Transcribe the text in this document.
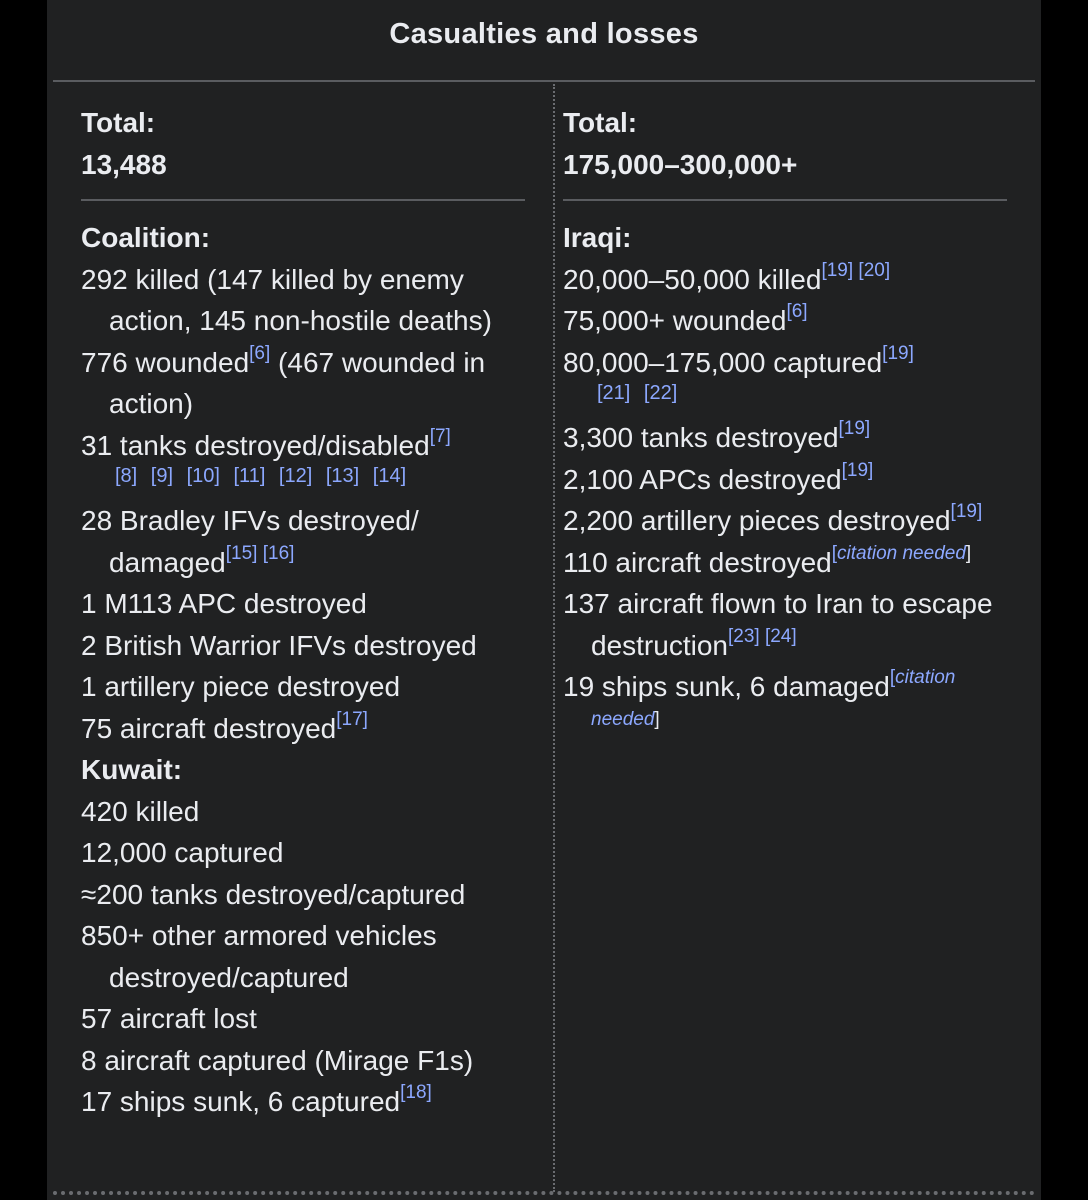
Casualties and losses
Total:
13,488
Coalition:
292 killed (147 killed by enemy action, 145 non-hostile deaths)
776 wounded[6] (467 wounded in action)
31 tanks destroyed/disabled[7]
[8] [9] [10] [11] [12] [13] [14]
28 Bradley IFVs destroyed/ damaged[15] [16]
1 M113 APC destroyed
2 British Warrior IFVs destroyed
1 artillery piece destroyed
75 aircraft destroyed[17]
Kuwait:
420 killed
12,000 captured
≈200 tanks destroyed/captured
850+ other armored vehicles destroyed/captured
57 aircraft lost
8 aircraft captured (Mirage F1s)
17 ships sunk, 6 captured[18]
Total:
175,000–300,000+
Iraqi:
20,000–50,000 killed[19] [20]
75,000+ wounded[6]
80,000–175,000 captured[19]
[21] [22]
3,300 tanks destroyed[19]
2,100 APCs destroyed[19]
2,200 artillery pieces destroyed[19]
110 aircraft destroyed[citation needed]
137 aircraft flown to Iran to escape destruction[23] [24]
19 ships sunk, 6 damaged[citation needed]
